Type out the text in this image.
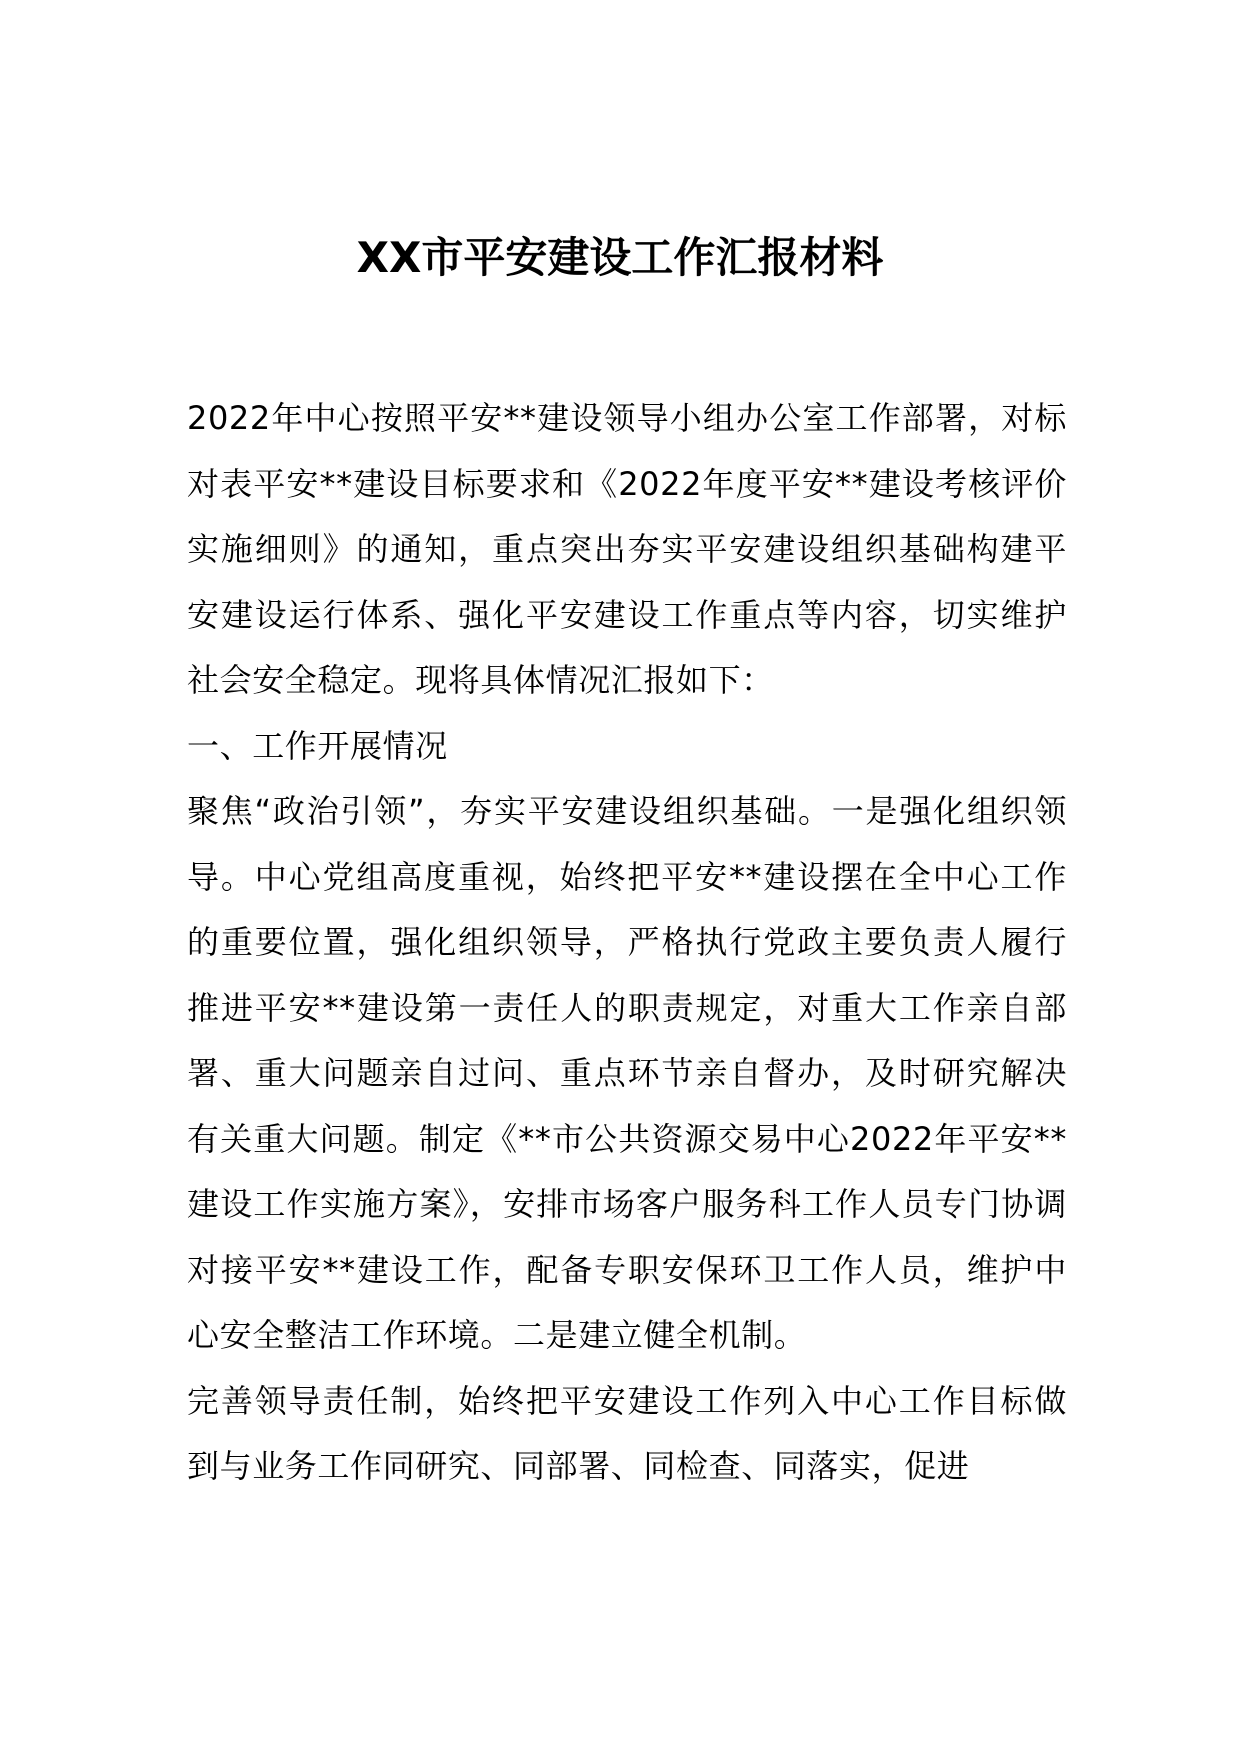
XX市平安建设工作汇报材料

2022年中心按照平安**建设领导小组办公室工作部署，对标对表平安**建设目标要求和《2022年度平安**建设考核评价实施细则》的通知，重点突出夯实平安建设组织基础构建平安建设运行体系、强化平安建设工作重点等内容，切实维护社会安全稳定。现将具体情况汇报如下：

一、工作开展情况

聚焦“政治引领”，夯实平安建设组织基础。一是强化组织领导。中心党组高度重视，始终把平安**建设摆在全中心工作的重要位置，强化组织领导，严格执行党政主要负责人履行推进平安**建设第一责任人的职责规定，对重大工作亲自部署、重大问题亲自过问、重点环节亲自督办，及时研究解决有关重大问题。制定《**市公共资源交易中心2022年平安**建设工作实施方案》，安排市场客户服务科工作人员专门协调对接平安**建设工作，配备专职安保环卫工作人员，维护中心安全整洁工作环境。二是建立健全机制。

完善领导责任制，始终把平安建设工作列入中心工作目标做到与业务工作同研究、同部署、同检查、同落实，促进
